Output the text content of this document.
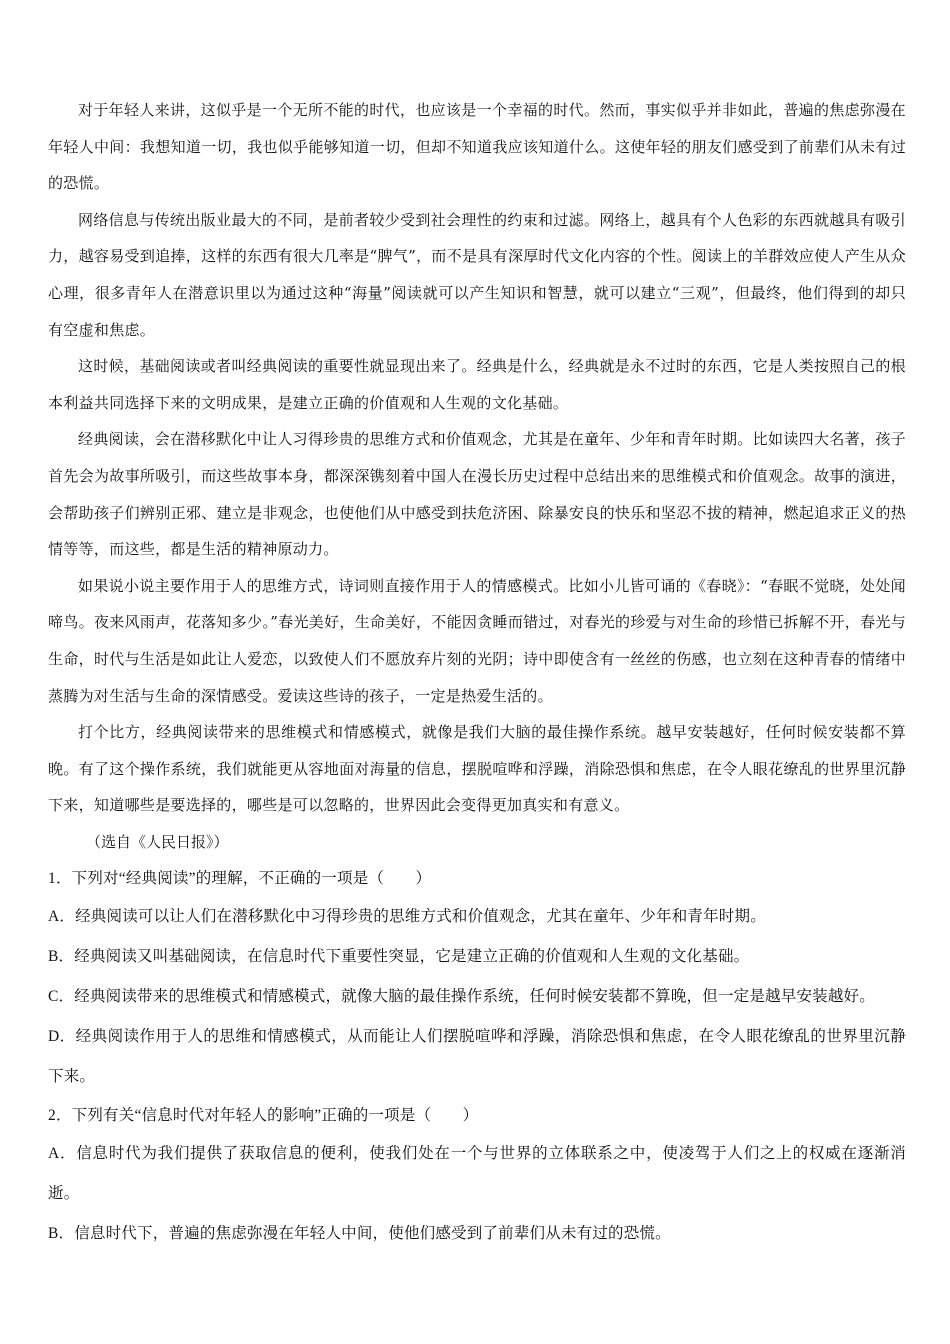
对于年轻人来讲，这似乎是一个无所不能的时代，也应该是一个幸福的时代。然而，事实似乎并非如此，普遍的焦虑弥漫在年轻人中间：我想知道一切，我也似乎能够知道一切，但却不知道我应该知道什么。这使年轻的朋友们感受到了前辈们从未有过的恐慌。

网络信息与传统出版业最大的不同，是前者较少受到社会理性的约束和过滤。网络上，越具有个人色彩的东西就越具有吸引力，越容易受到追捧，这样的东西有很大几率是“脾气”，而不是具有深厚时代文化内容的个性。阅读上的羊群效应使人产生从众心理，很多青年人在潜意识里以为通过这种“海量”阅读就可以产生知识和智慧，就可以建立“三观”，但最终，他们得到的却只有空虚和焦虑。

这时候，基础阅读或者叫经典阅读的重要性就显现出来了。经典是什么，经典就是永不过时的东西，它是人类按照自己的根本利益共同选择下来的文明成果，是建立正确的价值观和人生观的文化基础。

经典阅读，会在潜移默化中让人习得珍贵的思维方式和价值观念，尤其是在童年、少年和青年时期。比如读四大名著，孩子首先会为故事所吸引，而这些故事本身，都深深镌刻着中国人在漫长历史过程中总结出来的思维模式和价值观念。故事的演进，会帮助孩子们辨别正邪、建立是非观念，也使他们从中感受到扶危济困、除暴安良的快乐和坚忍不拔的精神，燃起追求正义的热情等等，而这些，都是生活的精神原动力。

如果说小说主要作用于人的思维方式，诗词则直接作用于人的情感模式。比如小儿皆可诵的《春晓》：“春眠不觉晓，处处闻啼鸟。夜来风雨声，花落知多少。”春光美好，生命美好，不能因贪睡而错过，对春光的珍爱与对生命的珍惜已拆解不开，春光与生命，时代与生活是如此让人爱恋，以致使人们不愿放弃片刻的光阴；诗中即使含有一丝丝的伤感，也立刻在这种青春的情绪中蒸腾为对生活与生命的深情感受。爱读这些诗的孩子，一定是热爱生活的。

打个比方，经典阅读带来的思维模式和情感模式，就像是我们大脑的最佳操作系统。越早安装越好，任何时候安装都不算晚。有了这个操作系统，我们就能更从容地面对海量的信息，摆脱喧哗和浮躁，消除恐惧和焦虑，在令人眼花缭乱的世界里沉静下来，知道哪些是要选择的，哪些是可以忽略的，世界因此会变得更加真实和有意义。

（选自《人民日报》）

1．下列对“经典阅读”的理解，不正确的一项是（　　）

A．经典阅读可以让人们在潜移默化中习得珍贵的思维方式和价值观念，尤其在童年、少年和青年时期。

B．经典阅读又叫基础阅读，在信息时代下重要性突显，它是建立正确的价值观和人生观的文化基础。

C．经典阅读带来的思维模式和情感模式，就像大脑的最佳操作系统，任何时候安装都不算晚，但一定是越早安装越好。

D．经典阅读作用于人的思维和情感模式，从而能让人们摆脱喧哗和浮躁，消除恐惧和焦虑，在令人眼花缭乱的世界里沉静下来。

2．下列有关“信息时代对年轻人的影响”正确的一项是（　　）

A．信息时代为我们提供了获取信息的便利，使我们处在一个与世界的立体联系之中，使凌驾于人们之上的权威在逐渐消逝。

B．信息时代下，普遍的焦虑弥漫在年轻人中间，使他们感受到了前辈们从未有过的恐慌。
